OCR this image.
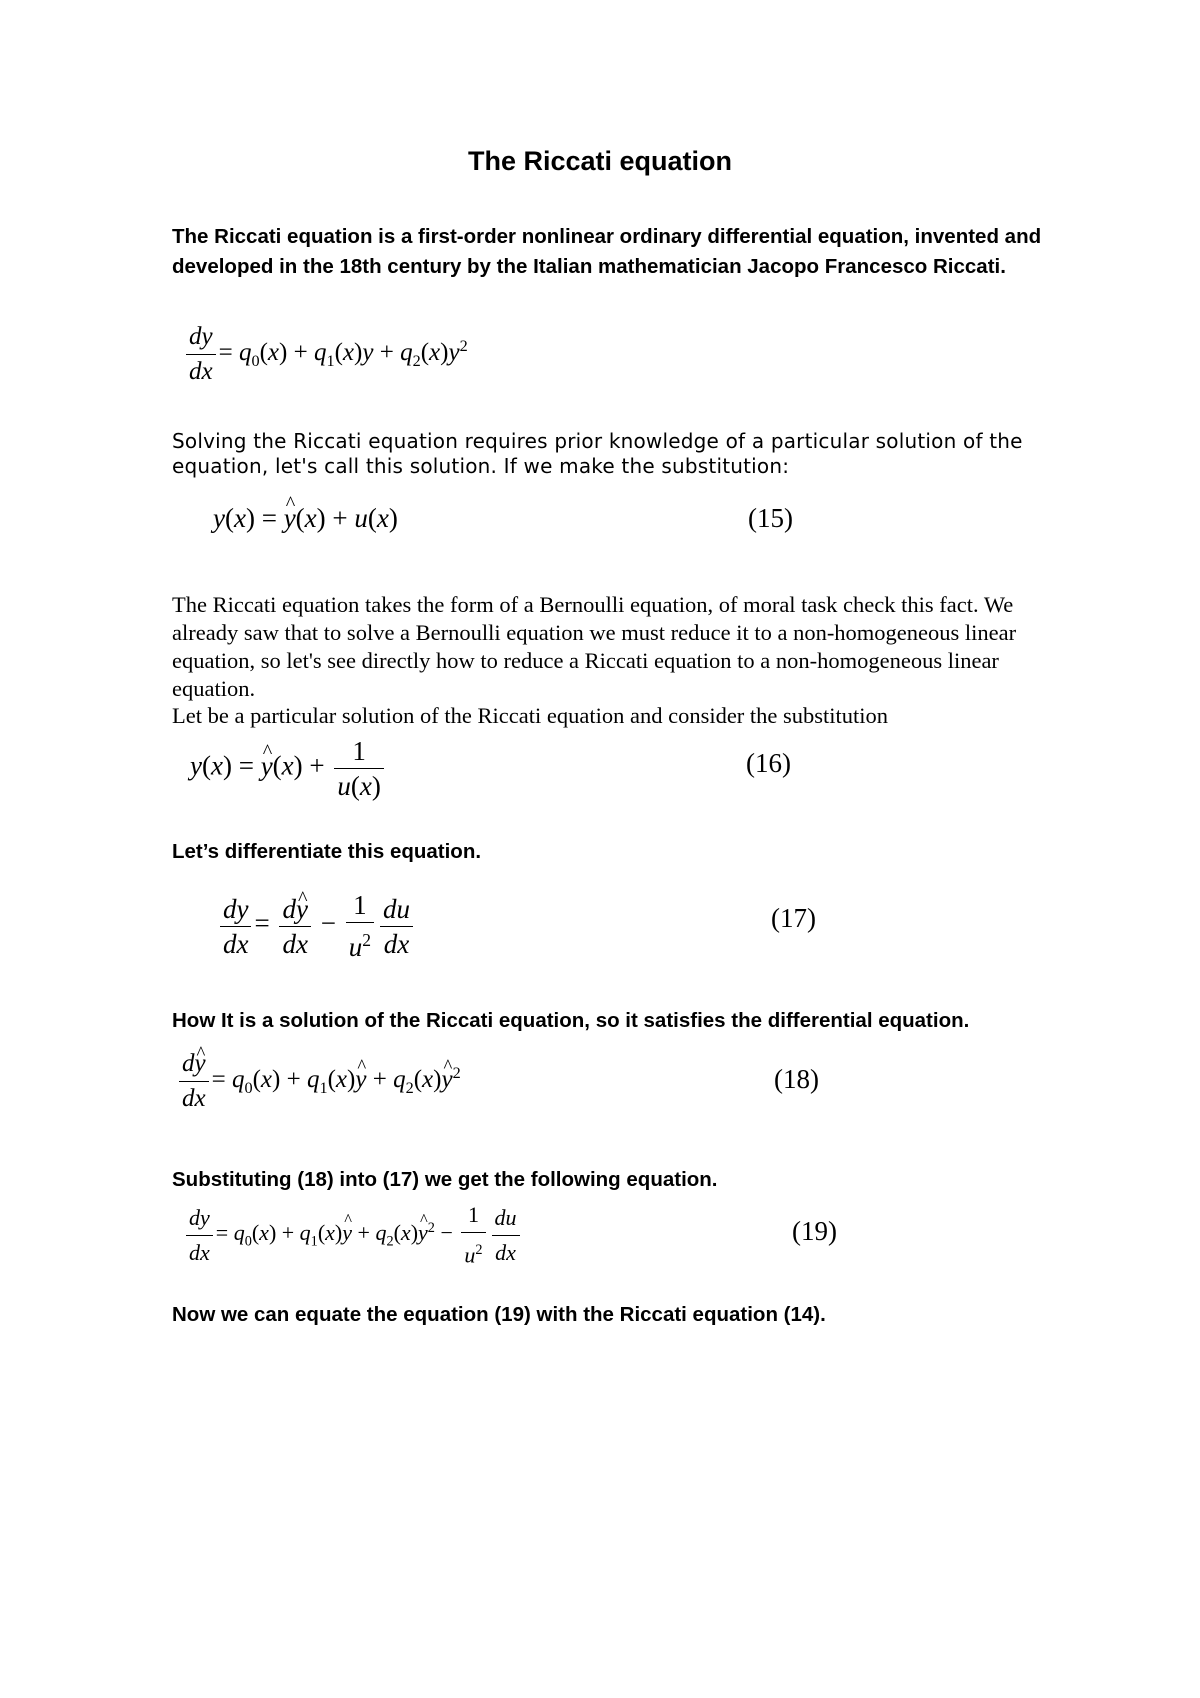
The Riccati equation

The Riccati equation is a first-order nonlinear ordinary differential equation, invented and developed in the 18th century by the Italian mathematician Jacopo Francesco Riccati.

$\frac{dy}{dx} = q_0(x) + q_1(x)y + q_2(x)y^2$

Solving the Riccati equation requires prior knowledge of a particular solution of the equation, let's call this solution. If we make the substitution:

y(x) = y ^(x) + u(x)	(15)

The Riccati equation takes the form of a Bernoulli equation, of moral task check this fact. We already saw that to solve a Bernoulli equation we must reduce it to a non-homogeneous linear equation, so let's see directly how to reduce a Riccati equation to a non-homogeneous linear equation.

Let be a particular solution of the Riccati equation and consider the substitution

y(x) = y ^(x) + $\frac{1}{u(x)}$	(16)

Let’s differentiate this equation.

$\frac{dy}{dx} = \frac{dy \^{}}{dx} - \frac{1}{u^2} \frac{du}{dx}$	(17)

How It is a solution of the Riccati equation, so it satisfies the differential equation.

$\frac{dy \^{}}{dx} = q_0(x) + q_1(x)y$ ^ + $q_2(x)y$ ^$^2$	(18)

Substituting (18) into (17) we get the following equation.

$\frac{dy}{dx} = q_0(x) + q_1(x)y$ ^ + $q_2(x)y$ ^$^2$ − $\frac{1}{u^2} \frac{du}{dx}$	(19)

Now we can equate the equation (19) with the Riccati equation (14).
